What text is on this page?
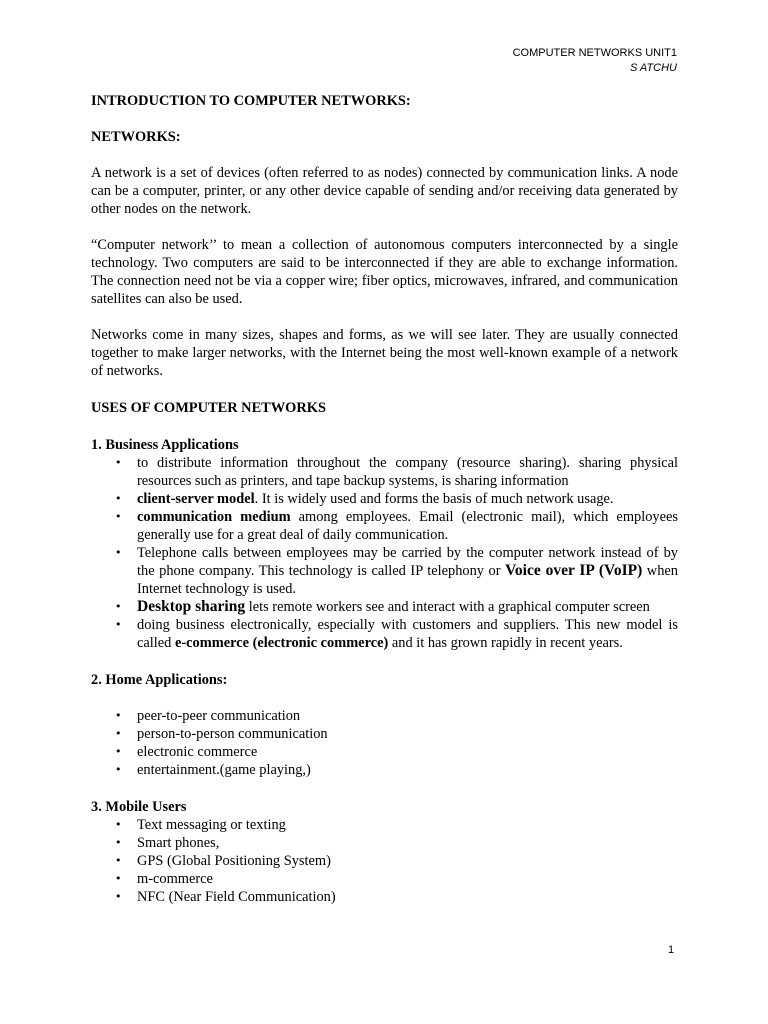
COMPUTER NETWORKS UNIT1
S ATCHU
INTRODUCTION TO COMPUTER NETWORKS:
NETWORKS:

A network is a set of devices (often referred to as nodes) connected by communication links. A node can be a computer, printer, or any other device capable of sending and/or receiving data generated by other nodes on the network.

“Computer network’’ to mean a collection of autonomous computers interconnected by a single technology. Two computers are said to be interconnected if they are able to exchange information. The connection need not be via a copper wire; fiber optics, microwaves, infrared, and communication satellites can also be used.

Networks come in many sizes, shapes and forms, as we will see later. They are usually connected together to make larger networks, with the Internet being the most well-known example of a network of networks.

USES OF COMPUTER NETWORKS
1. Business Applications
• to distribute information throughout the company (resource sharing). sharing physical resources such as printers, and tape backup systems, is sharing information
• client-server model. It is widely used and forms the basis of much network usage.
• communication medium among employees. Email (electronic mail), which employees generally use for a great deal of daily communication.
• Telephone calls between employees may be carried by the computer network instead of by the phone company. This technology is called IP telephony or Voice over IP (VoIP) when Internet technology is used.
• Desktop sharing lets remote workers see and interact with a graphical computer screen
• doing business electronically, especially with customers and suppliers. This new model is called e-commerce (electronic commerce) and it has grown rapidly in recent years.
2. Home Applications:
• peer-to-peer communication
• person-to-person communication
• electronic commerce
• entertainment.(game playing,)
3. Mobile Users
• Text messaging or texting
• Smart phones,
• GPS (Global Positioning System)
• m-commerce
• NFC (Near Field Communication)
1
